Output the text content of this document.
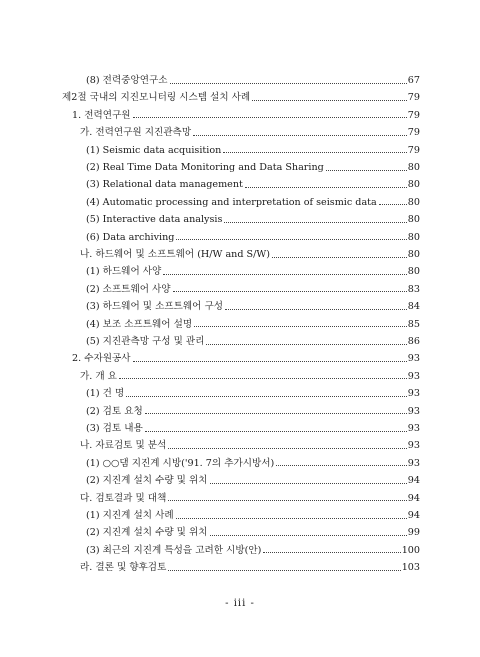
(8) 전력중앙연구소	67
제2절 국내의 지진모니터링 시스템 설치 사례	79
1. 전력연구원	79
가. 전력연구원 지진관측망	79
(1) Seismic data acquisition	79
(2) Real Time Data Monitoring and Data Sharing	80
(3) Relational data management	80
(4) Automatic processing and interpretation of seismic data	80
(5) Interactive data analysis	80
(6) Data archiving	80
나. 하드웨어 및 소프트웨어 (H/W and S/W)	80
(1) 하드웨어 사양	80
(2) 소프트웨어 사양	83
(3) 하드웨어 및 소프트웨어 구성	84
(4) 보조 소프트웨어 설명	85
(5) 지진관측망 구성 및 관리	86
2. 수자원공사	93
가. 개 요	93
(1) 건 명	93
(2) 검토 요청	93
(3) 검토 내용	93
나. 자료검토 및 분석	93
(1) ○○댐 지진계 시방('91. 7의 추가시방서)	93
(2) 지진계 설치 수량 및 위치	94
다. 검토결과 및 대책	94
(1) 지진계 설치 사례	94
(2) 지진계 설치 수량 및 위치	99
(3) 최근의 지진계 특성을 고려한 시방(안)	100
라. 결론 및 향후검토	103
- iii -
